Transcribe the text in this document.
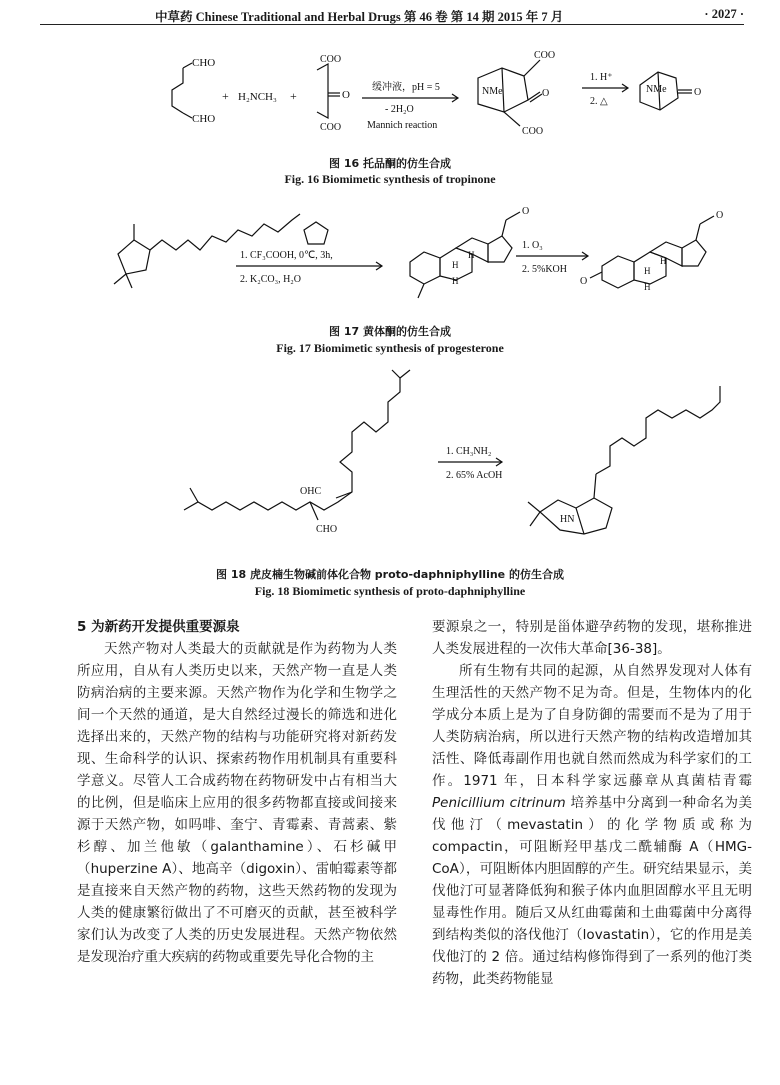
中草药 Chinese Traditional and Herbal Drugs 第 46 卷 第 14 期 2015 年 7 月	· 2027 ·
CHO
CHO
+ H₂NCH₃ +
COO
O
COO
缓冲液，pH = 5
- 2H₂O
Mannich reaction
COO
NMe	O
COO
1. H⁺
2. △
NMe	O
图 16 托品酮的仿生合成
Fig. 16 Biomimetic synthesis of tropinone
1. CF₃COOH, 0℃, 3h,
2. K₂CO₃, H₂O
1. O₃
2. 5%KOH
O
H
H
H
O
O
H
H
H
图 17 黄体酮的仿生合成
Fig. 17 Biomimetic synthesis of progesterone
OHC
CHO
1. CH₃NH₂
2. 65% AcOH
HN
图 18 虎皮楠生物碱前体化合物 proto-daphniphylline 的仿生合成
Fig. 18 Biomimetic synthesis of proto-daphniphylline

5 为新药开发提供重要源泉

天然产物对人类最大的贡献就是作为药物为人类所应用，自从有人类历史以来，天然产物一直是人类防病治病的主要来源。天然产物作为化学和生物学之间一个天然的通道，是大自然经过漫长的筛选和进化选择出来的，天然产物的结构与功能研究将对新药发现、生命科学的认识、探索药物作用机制具有重要科学意义。尽管人工合成药物在药物研发中占有相当大的比例，但是临床上应用的很多药物都直接或间接来源于天然产物，如吗啡、奎宁、青霉素、青蒿素、紫杉醇、加兰他敏（galanthamine）、石杉碱甲（huperzine A）、地高辛（digoxin）、雷帕霉素等都是直接来自天然产物的药物，这些天然药物的发现为人类的健康繁衍做出了不可磨灭的贡献，甚至被科学家们认为改变了人类的历史发展进程。天然产物依然是发现治疗重大疾病的药物或重要先导化合物的主

要源泉之一，特别是甾体避孕药物的发现，堪称推进人类发展进程的一次伟大革命[36-38]。

所有生物有共同的起源，从自然界发现对人体有生理活性的天然产物不足为奇。但是，生物体内的化学成分本质上是为了自身防御的需要而不是为了用于人类防病治病，所以进行天然产物的结构改造增加其活性、降低毒副作用也就自然而然成为科学家们的工作。1971 年，日本科学家远藤章从真菌桔青霉 Penicillium citrinum 培养基中分离到一种命名为美伐他汀（mevastatin）的化学物质或称为 compactin，可阻断羟甲基戊二酰辅酶 A（HMG-CoA），可阻断体内胆固醇的产生。研究结果显示，美伐他汀可显著降低狗和猴子体内血胆固醇水平且无明显毒性作用。随后又从红曲霉菌和土曲霉菌中分离得到结构类似的洛伐他汀（lovastatin），它的作用是美伐他汀的 2 倍。通过结构修饰得到了一系列的他汀类药物，此类药物能显
